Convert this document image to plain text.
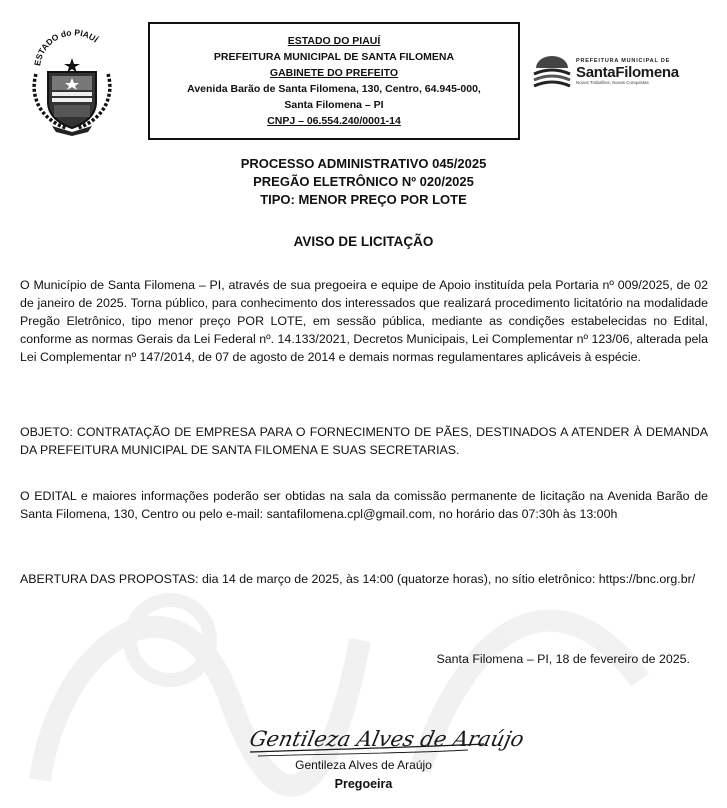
ESTADO do PIAUÍ	ESTADO DO PIAUÍ
PREFEITURA MUNICIPAL DE SANTA FILOMENA
GABINETE DO PREFEITO
Avenida Barão de Santa Filomena, 130, Centro, 64.945-000,
Santa Filomena – PI
CNPJ – 06.554.240/0001-14
PREFEITURA MUNICIPAL DE
SantaFilomena
Novos Trabalhos, Novas Conquistas
PROCESSO ADMINISTRATIVO 045/2025
PREGÃO ELETRÔNICO Nº 020/2025
TIPO: MENOR PREÇO POR LOTE
AVISO DE LICITAÇÃO
O Município de Santa Filomena – PI, através de sua pregoeira e equipe de Apoio instituída pela Portaria nº 009/2025, de 02 de janeiro de 2025. Torna público, para conhecimento dos interessados que realizará procedimento licitatório na modalidade Pregão Eletrônico, tipo menor preço POR LOTE, em sessão pública, mediante as condições estabelecidas no Edital, conforme as normas Gerais da Lei Federal nº. 14.133/2021, Decretos Municipais, Lei Complementar nº 123/06, alterada pela Lei Complementar nº 147/2014, de 07 de agosto de 2014 e demais normas regulamentares aplicáveis à espécie.
OBJETO: CONTRATAÇÃO DE EMPRESA PARA O FORNECIMENTO DE PÃES, DESTINADOS A ATENDER À DEMANDA DA PREFEITURA MUNICIPAL DE SANTA FILOMENA E SUAS SECRETARIAS.
O EDITAL e maiores informações poderão ser obtidas na sala da comissão permanente de licitação na Avenida Barão de Santa Filomena, 130, Centro ou pelo e-mail: santafilomena.cpl@gmail.com, no horário das 07:30h às 13:00h
ABERTURA DAS PROPOSTAS: dia 14 de março de 2025, às 14:00 (quatorze horas), no sítio eletrônico: https://bnc.org.br/
Santa Filomena – PI, 18 de fevereiro de 2025.
Gentileza Alves de Araújo
Gentileza Alves de Araújo
Pregoeira
